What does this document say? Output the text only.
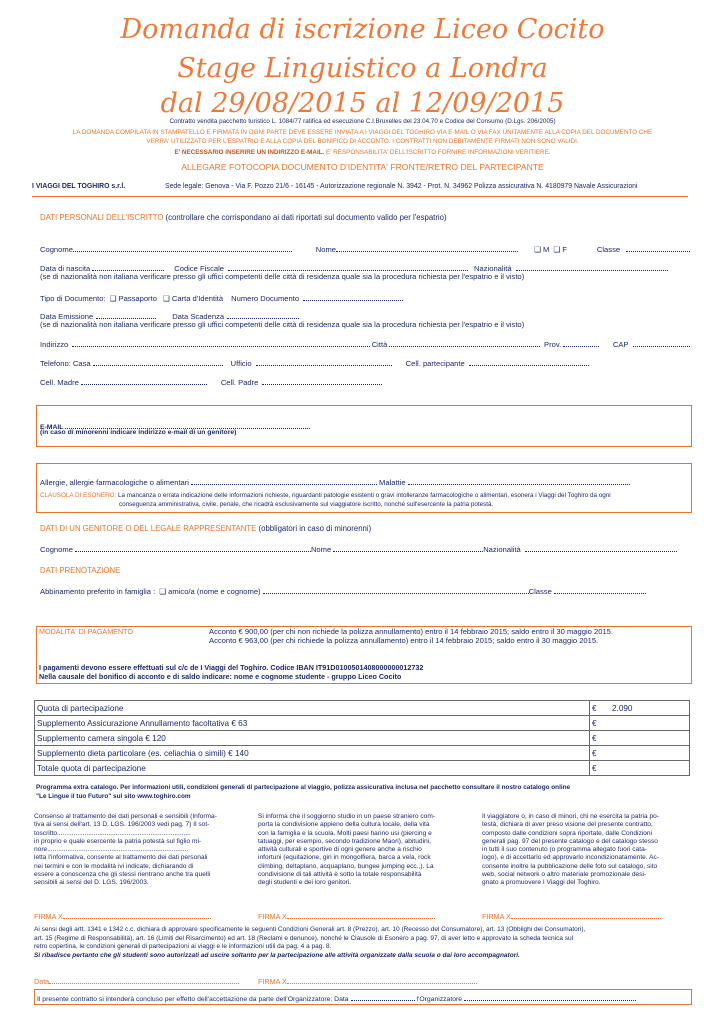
Domanda di iscrizione Liceo Cocito
Stage Linguistico a Londra
dal 29/08/2015 al 12/09/2015
Contratto vendita pacchetto turistico L. 1084/77 ratifica ed esecuzione C.I.Bruxelles del 23.04.70 e Codice del Consumo (D.Lgs. 206/2005)
LA DOMANDA COMPILATA IN STAMPATELLO E FIRMATA IN OGNI PARTE DEVE ESSERE INVIATA A I VIAGGI DEL TOGHIRO VIA E-MAIL O VIA FAX UNITAMENTE ALLA COPIA DEL DOCUMENTO CHE
VERRA' UTILIZZATO PER L'ESPATRIO E ALLA COPIA DEL BONIFICO DI ACCONTO. I CONTRATTI NON DEBITAMENTE FIRMATI NON SONO VALIDI.
E' NECESSARIO INSERIRE UN INDIRIZZO E-MAIL. E' RESPONSABILITA' DELL'ISCRITTO FORNIRE INFORMAZIONI VERITIERE.
ALLEGARE FOTOCOPIA DOCUMENTO D'IDENTITA' FRONTE/RETRO DEL PARTECIPANTE
I VIAGGI DEL TOGHIRO s.r.l.	Sede legale: Genova - Via F. Pozzo 21/6 - 16145 - Autorizzazione regionale N. 3942 - Prot. N. 34962 Polizza assicurativa N. 4180979 Navale Assicurazioni
DATI PERSONALI DELL'ISCRITTO (controllare che corrispondano ai dati riportati sul documento valido per l'espatrio)
Cognome	Nome	❑ M ❑ F	Classe
Data di nascita	Codice Fiscale	Nazionalità
(se di nazionalità non italiana verificare presso gli uffici competenti delle città di residenza quale sia la procedura richiesta per l'espatrio e il visto)
Tipo di Documento: ❑ Passaporto ❑ Carta d'Identità Numero Documento
Data Emissione	Data Scadenza
(se di nazionalità non italiana verificare presso gli uffici competenti delle città di residenza quale sia la procedura richiesta per l'espatrio e il visto)
Indirizzo	Città	Prov.	CAP
Telefono: Casa	Ufficio	Cell. partecipante
Cell. Madre	Cell. Padre
E-MAIL
(in caso di minorenni indicare indirizzo e-mail di un genitore)
Allergie, allergie farmacologiche o alimentari	Malattie
CLAUSOLA DI ESONERO: La mancanza o errata indicazione delle informazioni richieste, riguardanti patologie esistenti o gravi intolleranze farmacologiche o alimentari, esonera i Viaggi del Toghiro da ogni
conseguenza amministrativa, civile, penale, che ricadrà esclusivamente sul viaggiatore iscritto, nonché sull'esercente la patria potestà.
DATI DI UN GENITORE O DEL LEGALE RAPPRESENTANTE (obbligatori in caso di minorenni)
Cognome	Nome	Nazionalità
DATI PRENOTAZIONE
Abbinamento preferito in famiglia : ❑ amico/a (nome e cognome)	Classe
MODALITA' DI PAGAMENTO	Acconto € 900,00 (per chi non richiede la polizza annullamento) entro il 14 febbraio 2015; saldo entro il 30 maggio 2015.
Acconto € 963,00 (per chi richiede la polizza annullamento) entro il 14 febbraio 2015; saldo entro il 30 maggio 2015.
I pagamenti devono essere effettuati sul c/c de I Viaggi del Toghiro. Codice IBAN IT91D0100501408000000012732
Nella causale del bonifico di acconto e di saldo indicare: nome e cognome studente - gruppo Liceo Cocito
Quota di partecipazione	€	2.090
Supplemento Assicurazione Annullamento facoltativa € 63	€	
Supplemento camera singola € 120	€	
Supplemento dieta particolare (es. celiachia o simili) € 140	€	
Totale quota di partecipazione	€	
Programma extra catalogo. Per informazioni utili, condizioni generali di partecipazione al viaggio, polizza assicurativa inclusa nel pacchetto consultare il nostro catalogo online
"Le Lingue il tuo Futuro" sul sito www.toghiro.com
Consenso al trattamento dei dati personali e sensibili (Informa-
tiva ai sensi dell'art. 13 D. LGS. 196/2003 vedi pag. 7) Il sot-
toscritto.........................................................................
in proprio e quale esercente la patria potestà sul figlio mi-
nore.............................................................................
letta l'informativa, consente al trattamento dei dati personali
nei termini e con le modalità ivi indicate, dichiarando di
essere a conoscenza che gli stessi rientrano anche tra quelli
sensibili ai sensi del D. LGS. 196/2003.
Si informa che il soggiorno studio in un paese straniero com-
porta la condivisione appieno della cultura locale, della vita
con la famiglia e la scuola. Molti paesi hanno usi (piercing e
tatuaggi, per esempio, secondo tradizione Maori), abitudini,
attività culturali e sportive di ogni genere anche a rischio
infortuni (equitazione, giri in mongolfiera, barca a vela, rock
climbing, deltaplano, acquaplano, bungee jumping ecc.,). La
condivisione di tali attività è sotto la totale responsabilità
degli studenti e dei loro genitori.
Il viaggiatore o, in caso di minori, chi ne esercita la patria po-
testà, dichiara di aver preso visione del presente contratto,
composto dalle condizioni sopra riportate, dalle Condizioni
generali pag. 97 del presente catalogo e del catalogo stesso
in tutti il suo contenuto (o programma allegato fuori cata-
logo), e di accettarlo ed approvarlo incondizionatamente. Ac-
consente inoltre la pubblicazione delle foto sul catalogo, sito
web, social network o altro materiale promozionale desi-
gnato a promuovere I Viaggi del Toghiro.
FIRMA X	FIRMA X	FIRMA X
Ai sensi degli artt. 1341 e 1342 c.c. dichiara di approvare specificamente le seguenti Condizioni Generali art. 8 (Prezzo), art. 10 (Recesso del Consumatore), art. 13 (Obblighi dei Consumatori),
art. 15 (Regime di Responsabilità), art. 16 (Limiti del Risarcimento) ed art. 18 (Reclami e denunce), nonché le Clausole di Esonero a pag. 97, di aver letto e approvato la scheda tecnica sul
retro copertina, le condizioni generali di partecipazioni ai viaggi e le informazioni utili da pag. 4 a pag. 8.
Si ribadisce pertanto che gli studenti sono autorizzati ad uscire soltanto per la partecipazione alle attività organizzate dalla scuola o dai loro accompagnatori.
Data	FIRMA X
Il presente contratto si intenderà concluso per effetto dell'accettazione da parte dell'Organizzatore: Data	l'Organizzatore
